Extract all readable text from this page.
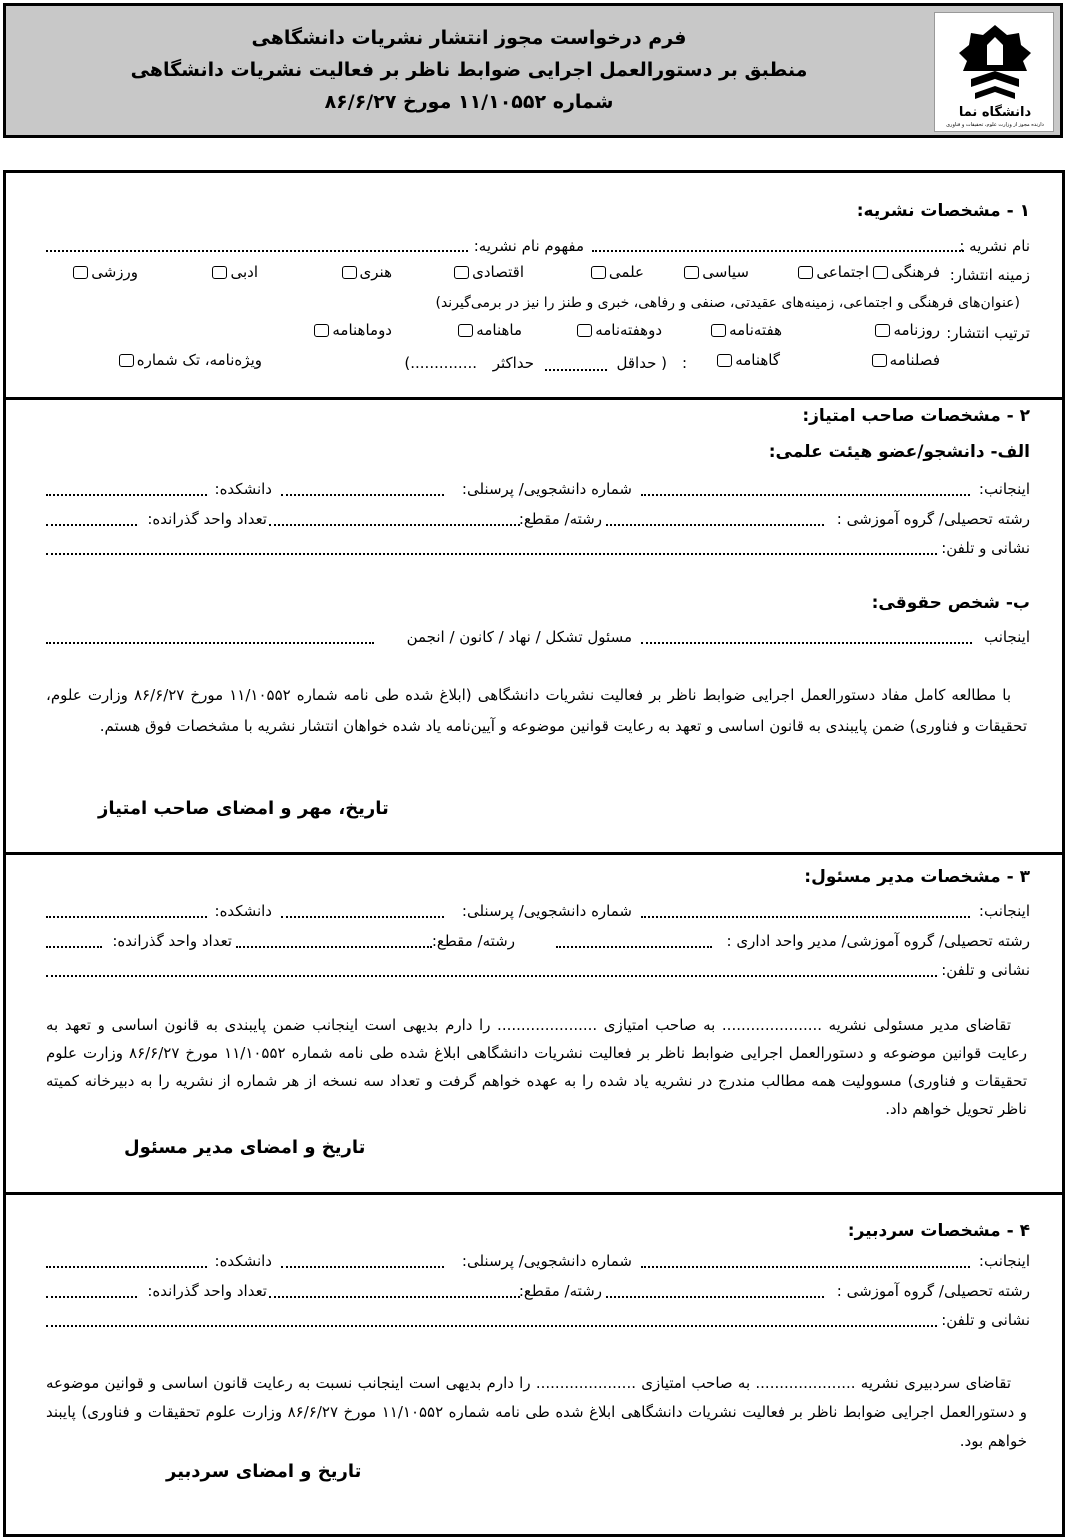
فرم درخواست مجوز انتشار نشریات دانشگاهی
منطبق بر دستورالعمل اجرایی ضوابط ناظر بر فعالیت نشریات دانشگاهی
شماره ۱۱/۱۰۵۵۲ مورخ ۸۶/۶/۲۷	دانشگاه نما
دارنده مجوز از وزارت علوم، تحقیقات و فناوری
۱ - مشخصات نشریه:
نام نشریه :
مفهوم نام نشریه:
زمینه انتشار:
فرهنگی
اجتماعی
سیاسی
علمی
اقتصادی
هنری
ادبی
ورزشی
(عنوان‌های فرهنگی و اجتماعی، زمینه‌های عقیدتی، صنفی و رفاهی، خبری و طنز را نیز در برمی‌گیرند)
ترتیب انتشار:
روزنامه
هفته‌نامه
دوهفته‌نامه
ماهنامه
دوماهنامه
فصلنامه
گاهنامه
:
( حداقل
حداکثر
..............)
ویژه‌نامه، تک شماره
۲ - مشخصات صاحب امتیاز:
الف- دانشجو/عضو هیئت علمی:
اینجانب:
شماره دانشجویی/ پرسنلی:
دانشکده:
رشته تحصیلی/ گروه آموزشی :
رشته/ مقطع:
تعداد واحد گذرانده:
نشانی و تلفن:
ب- شخص حقوقی:
اینجانب
مسئول تشکل / نهاد / کانون / انجمن
با مطالعه کامل مفاد دستورالعمل اجرایی ضوابط ناظر بر فعالیت نشریات دانشگاهی (ابلاغ شده طی نامه شماره ۱۱/۱۰۵۵۲ مورخ ۸۶/۶/۲۷ وزارت علوم، تحقیقات و فناوری) ضمن پایبندی به قانون اساسی و تعهد به رعایت قوانین موضوعه و آیین‌نامه یاد شده خواهان انتشار نشریه با مشخصات فوق هستم.
تاریخ، مهر و امضای صاحب امتیاز
۳ - مشخصات مدیر مسئول:
اینجانب:
شماره دانشجویی/ پرسنلی:
دانشکده:
رشته تحصیلی/ گروه آموزشی/ مدیر واحد اداری :
رشته/ مقطع:
تعداد واحد گذرانده:
نشانی و تلفن:
تقاضای مدیر مسئولی نشریه ..................... به صاحب امتیازی ..................... را دارم بدیهی است اینجانب ضمن پایبندی به قانون اساسی و تعهد به رعایت قوانین موضوعه و دستورالعمل اجرایی ضوابط ناظر بر فعالیت نشریات دانشگاهی ابلاغ شده طی نامه شماره ۱۱/۱۰۵۵۲ مورخ ۸۶/۶/۲۷ وزارت علوم تحقیقات و فناوری) مسوولیت همه مطالب مندرج در نشریه یاد شده را به عهده خواهم گرفت و تعداد سه نسخه از هر شماره از نشریه را به دبیرخانه کمیته ناظر تحویل خواهم داد.
تاریخ و امضای مدیر مسئول
۴ - مشخصات سردبیر:
اینجانب:
شماره دانشجویی/ پرسنلی:
دانشکده:
رشته تحصیلی/ گروه آموزشی :
رشته/ مقطع:
تعداد واحد گذرانده:
نشانی و تلفن:
تقاضای سردبیری نشریه ..................... به صاحب امتیازی ..................... را دارم بدیهی است اینجانب نسبت به رعایت قانون اساسی و قوانین موضوعه و دستورالعمل اجرایی ضوابط ناظر بر فعالیت نشریات دانشگاهی ابلاغ شده طی نامه شماره ۱۱/۱۰۵۵۲ مورخ ۸۶/۶/۲۷ وزارت علوم تحقیقات و فناوری) پایبند خواهم بود.
تاریخ و امضای سردبیر
